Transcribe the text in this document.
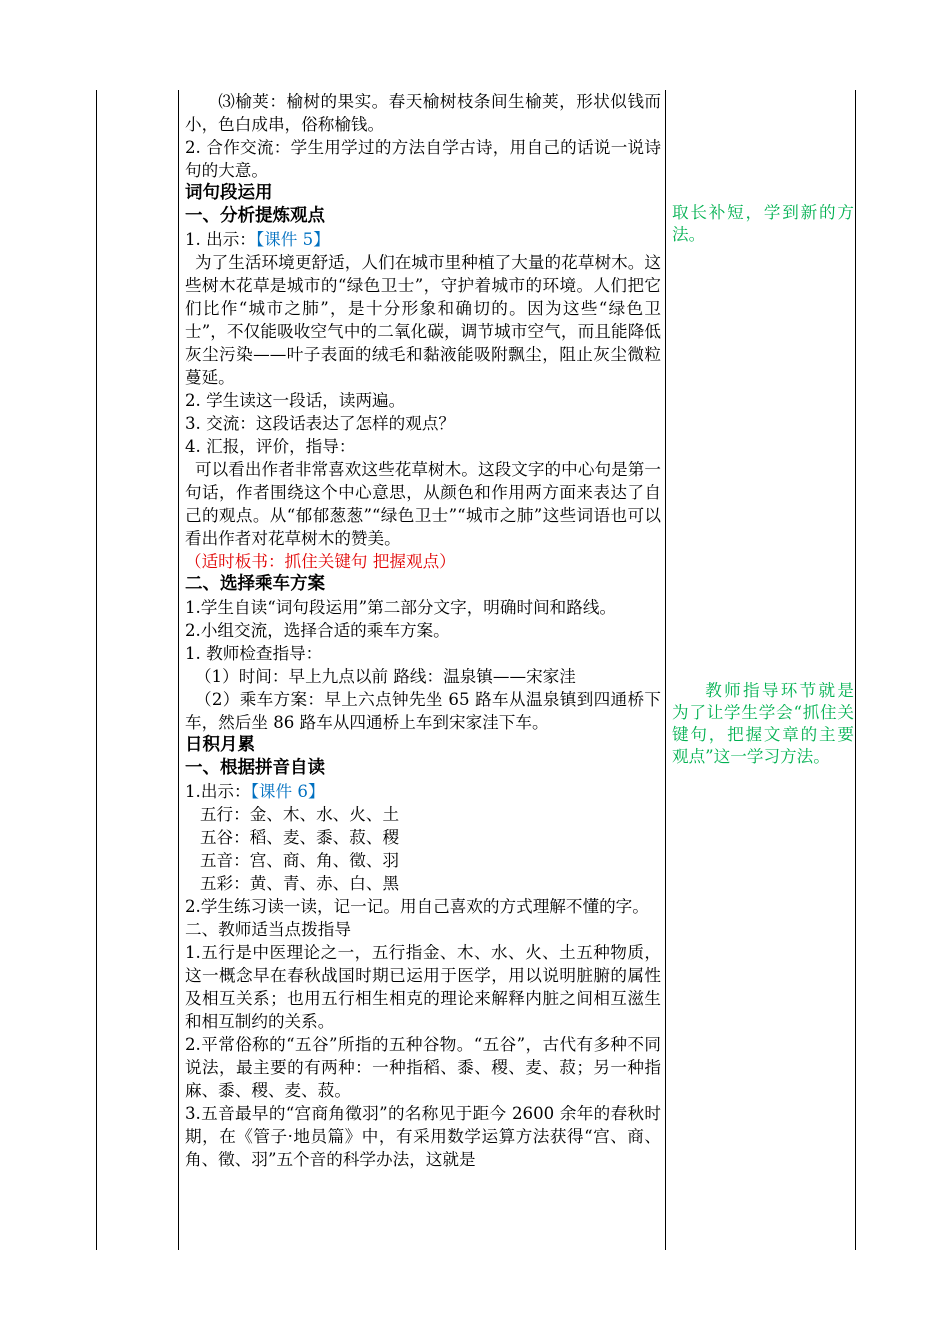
⑶榆荚：榆树的果实。春天榆树枝条间生榆荚，形状似钱而小，色白成串，俗称榆钱。

2. 合作交流：学生用学过的方法自学古诗，用自己的话说一说诗句的大意。

词句段运用

一、分析提炼观点

1. 出示：【课件 5】

为了生活环境更舒适，人们在城市里种植了大量的花草树木。这些树木花草是城市的“绿色卫士”，守护着城市的环境。人们把它们比作“城市之肺”，是十分形象和确切的。因为这些“绿色卫士”，不仅能吸收空气中的二氧化碳，调节城市空气，而且能降低灰尘污染——叶子表面的绒毛和黏液能吸附飘尘，阻止灰尘微粒蔓延。

2. 学生读这一段话，读两遍。

3. 交流：这段话表达了怎样的观点？

4. 汇报，评价，指导：

可以看出作者非常喜欢这些花草树木。这段文字的中心句是第一句话，作者围绕这个中心意思，从颜色和作用两方面来表达了自己的观点。从“郁郁葱葱”“绿色卫士”“城市之肺”这些词语也可以看出作者对花草树木的赞美。

（适时板书：抓住关键句 把握观点）

二、选择乘车方案

1.学生自读“词句段运用”第二部分文字，明确时间和路线。

2.小组交流，选择合适的乘车方案。

1. 教师检查指导：

（1）时间：早上九点以前 路线：温泉镇——宋家洼

（2）乘车方案：早上六点钟先坐 65 路车从温泉镇到四通桥下车，然后坐 86 路车从四通桥上车到宋家洼下车。

日积月累

一、根据拼音自读

1.出示：【课件 6】

五行：金、木、水、火、土

五谷：稻、麦、黍、菽、稷

五音：宫、商、角、徵、羽

五彩：黄、青、赤、白、黑

2.学生练习读一读，记一记。用自己喜欢的方式理解不懂的字。

二、教师适当点拨指导

1.五行是中医理论之一，五行指金、木、水、火、土五种物质，这一概念早在春秋战国时期已运用于医学，用以说明脏腑的属性及相互关系；也用五行相生相克的理论来解释内脏之间相互滋生和相互制约的关系。

2.平常俗称的“五谷”所指的五种谷物。“五谷”，古代有多种不同说法，最主要的有两种：一种指稻、黍、稷、麦、菽；另一种指麻、黍、稷、麦、菽。

3.五音最早的“宫商角徵羽”的名称见于距今 2600 余年的春秋时期，在《管子·地员篇》中，有采用数学运算方法获得“宫、商、角、徵、羽”五个音的科学办法，这就是

取长补短，学到新的方法。
教师指导环节就是为了让学生学会“抓住关键句，把握文章的主要观点”这一学习方法。
